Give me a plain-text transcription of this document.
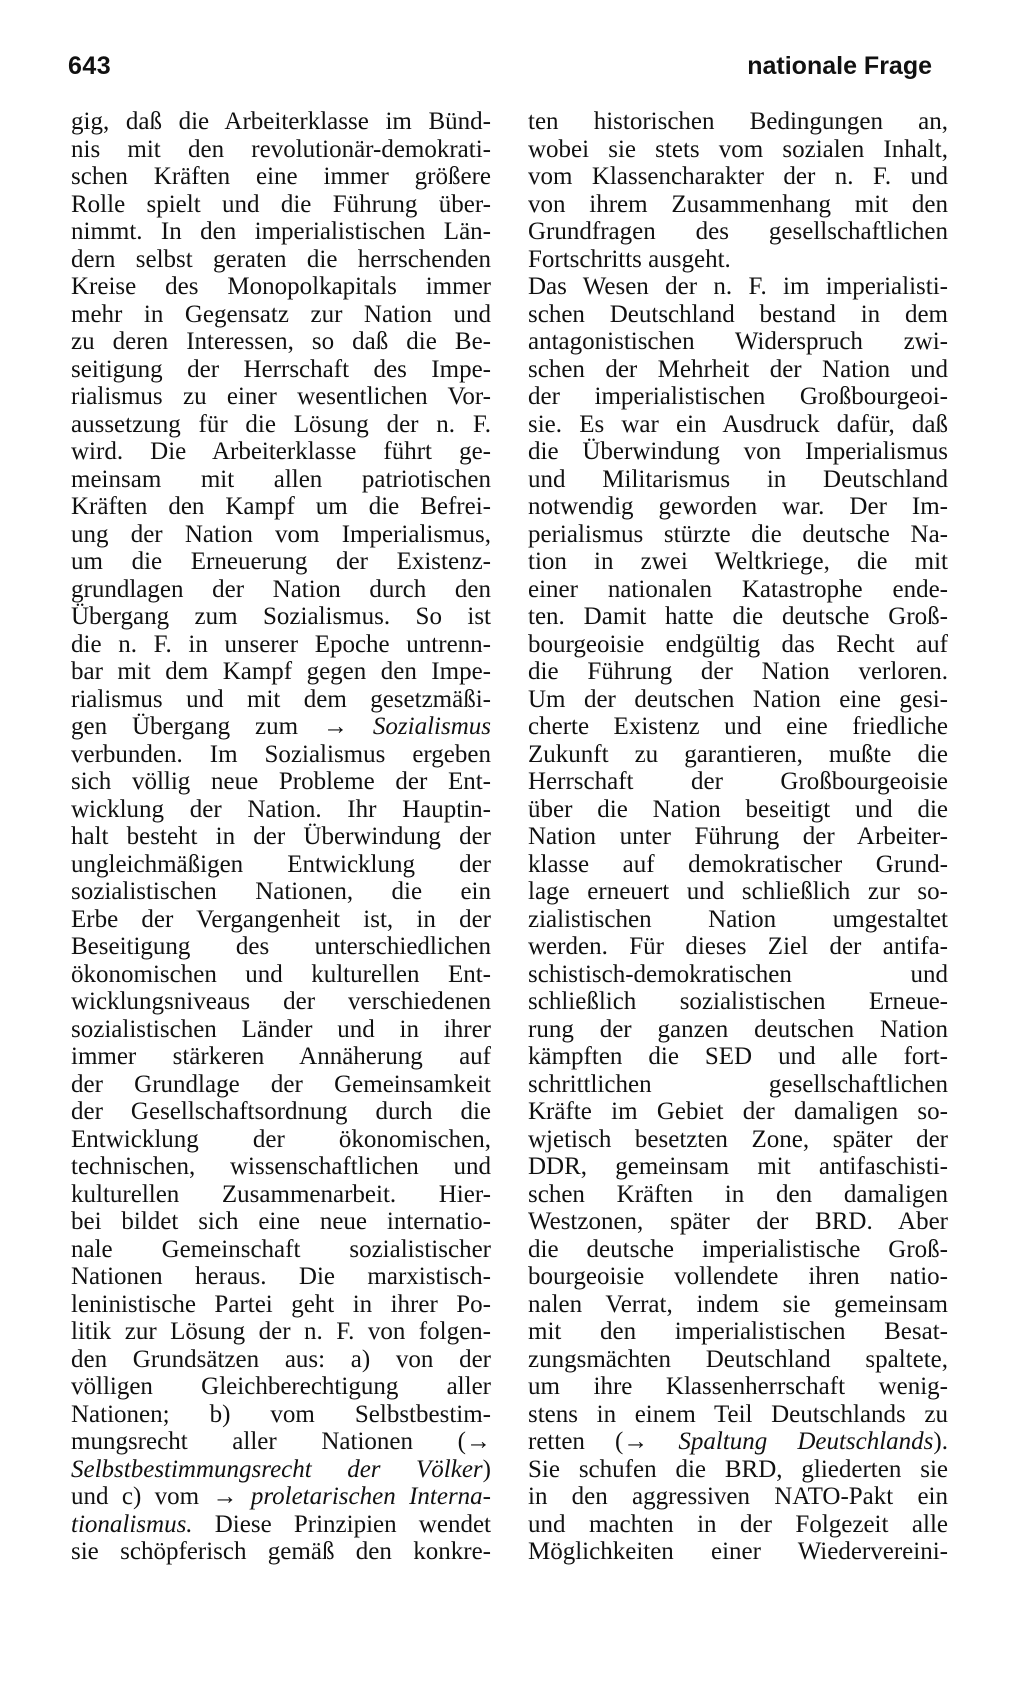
643	nationale Frage
gig, daß die Arbeiterklasse im Bünd-
nis mit den revolutionär-demokrati-
schen Kräften eine immer größere
Rolle spielt und die Führung über-
nimmt. In den imperialistischen Län-
dern selbst geraten die herrschenden
Kreise des Monopolkapitals immer
mehr in Gegensatz zur Nation und
zu deren Interessen, so daß die Be-
seitigung der Herrschaft des Impe-
rialismus zu einer wesentlichen Vor-
aussetzung für die Lösung der n. F.
wird. Die Arbeiterklasse führt ge-
meinsam mit allen patriotischen
Kräften den Kampf um die Befrei-
ung der Nation vom Imperialismus,
um die Erneuerung der Existenz-
grundlagen der Nation durch den
Übergang zum Sozialismus. So ist
die n. F. in unserer Epoche untrenn-
bar mit dem Kampf gegen den Impe-
rialismus und mit dem gesetzmäßi-
gen Übergang zum → Sozialismus
verbunden. Im Sozialismus ergeben
sich völlig neue Probleme der Ent-
wicklung der Nation. Ihr Hauptin-
halt besteht in der Überwindung der
ungleichmäßigen Entwicklung der
sozialistischen Nationen, die ein
Erbe der Vergangenheit ist, in der
Beseitigung des unterschiedlichen
ökonomischen und kulturellen Ent-
wicklungsniveaus der verschiedenen
sozialistischen Länder und in ihrer
immer stärkeren Annäherung auf
der Grundlage der Gemeinsamkeit
der Gesellschaftsordnung durch die
Entwicklung der ökonomischen,
technischen, wissenschaftlichen und
kulturellen Zusammenarbeit. Hier-
bei bildet sich eine neue internatio-
nale Gemeinschaft sozialistischer
Nationen heraus. Die marxistisch-
leninistische Partei geht in ihrer Po-
litik zur Lösung der n. F. von folgen-
den Grundsätzen aus: a) von der
völligen Gleichberechtigung aller
Nationen; b) vom Selbstbestim-
mungsrecht aller Nationen (→
Selbstbestimmungsrecht der Völker)
und c) vom → proletarischen Interna-
tionalismus. Diese Prinzipien wendet
sie schöpferisch gemäß den konkre-
ten historischen Bedingungen an,
wobei sie stets vom sozialen Inhalt,
vom Klassencharakter der n. F. und
von ihrem Zusammenhang mit den
Grundfragen des gesellschaftlichen
Fortschritts ausgeht.
Das Wesen der n. F. im imperialisti-
schen Deutschland bestand in dem
antagonistischen Widerspruch zwi-
schen der Mehrheit der Nation und
der imperialistischen Großbourgeoi-
sie. Es war ein Ausdruck dafür, daß
die Überwindung von Imperialismus
und Militarismus in Deutschland
notwendig geworden war. Der Im-
perialismus stürzte die deutsche Na-
tion in zwei Weltkriege, die mit
einer nationalen Katastrophe ende-
ten. Damit hatte die deutsche Groß-
bourgeoisie endgültig das Recht auf
die Führung der Nation verloren.
Um der deutschen Nation eine gesi-
cherte Existenz und eine friedliche
Zukunft zu garantieren, mußte die
Herrschaft der Großbourgeoisie
über die Nation beseitigt und die
Nation unter Führung der Arbeiter-
klasse auf demokratischer Grund-
lage erneuert und schließlich zur so-
zialistischen Nation umgestaltet
werden. Für dieses Ziel der antifa-
schistisch-demokratischen und
schließlich sozialistischen Erneue-
rung der ganzen deutschen Nation
kämpften die SED und alle fort-
schrittlichen gesellschaftlichen
Kräfte im Gebiet der damaligen so-
wjetisch besetzten Zone, später der
DDR, gemeinsam mit antifaschisti-
schen Kräften in den damaligen
Westzonen, später der BRD. Aber
die deutsche imperialistische Groß-
bourgeoisie vollendete ihren natio-
nalen Verrat, indem sie gemeinsam
mit den imperialistischen Besat-
zungsmächten Deutschland spaltete,
um ihre Klassenherrschaft wenig-
stens in einem Teil Deutschlands zu
retten (→ Spaltung Deutschlands).
Sie schufen die BRD, gliederten sie
in den aggressiven NATO-Pakt ein
und machten in der Folgezeit alle
Möglichkeiten einer Wiedervereini-
